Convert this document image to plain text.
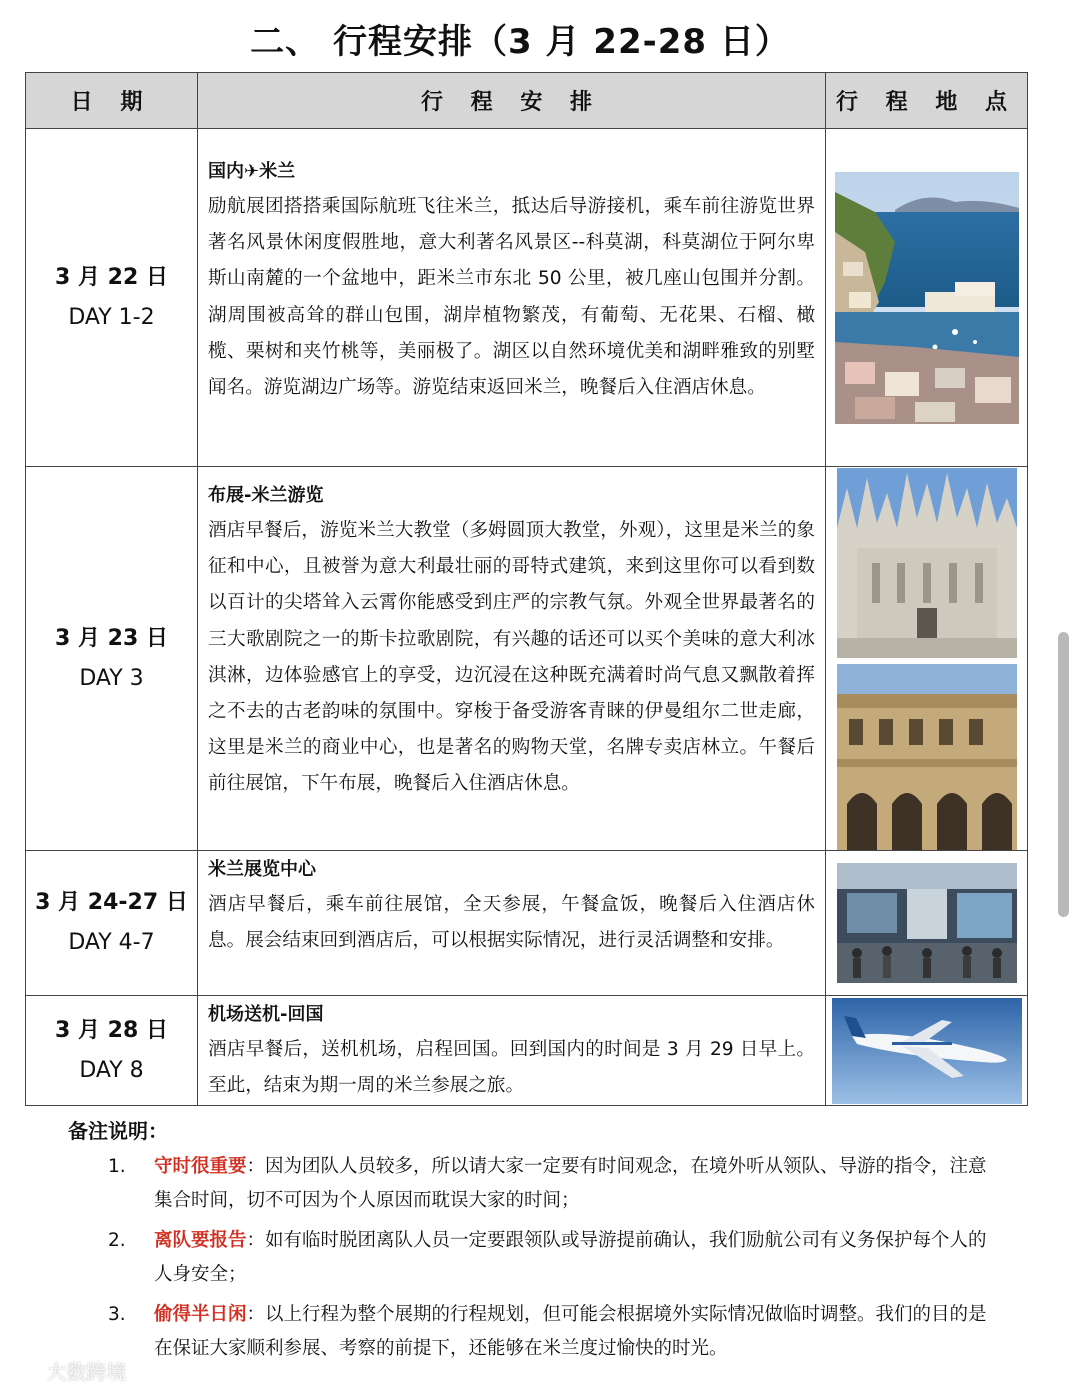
二、 行程安排（3 月 22-28 日）
日 期	行 程 安 排	行 程 地 点

3 月 22 日
DAY 1-2	国内✈米兰
励航展团搭搭乘国际航班飞往米兰，抵达后导游接机，乘车前往游览世界著名风景休闲度假胜地，意大利著名风景区--科莫湖，科莫湖位于阿尔卑斯山南麓的一个盆地中，距米兰市东北 50 公里，被几座山包围并分割。湖周围被高耸的群山包围，湖岸植物繁茂，有葡萄、无花果、石榴、橄榄、栗树和夹竹桃等，美丽极了。湖区以自然环境优美和湖畔雅致的别墅闻名。游览湖边广场等。游览结束返回米兰，晚餐后入住酒店休息。

3 月 23 日
DAY 3	布展-米兰游览
酒店早餐后，游览米兰大教堂（多姆圆顶大教堂，外观），这里是米兰的象征和中心，且被誉为意大利最壮丽的哥特式建筑，来到这里你可以看到数以百计的尖塔耸入云霄你能感受到庄严的宗教气氛。外观全世界最著名的三大歌剧院之一的斯卡拉歌剧院，有兴趣的话还可以买个美味的意大利冰淇淋，边体验感官上的享受，边沉浸在这种既充满着时尚气息又飘散着挥之不去的古老韵味的氛围中。穿梭于备受游客青睐的伊曼组尔二世走廊，这里是米兰的商业中心，也是著名的购物天堂，名牌专卖店林立。午餐后前往展馆，下午布展，晚餐后入住酒店休息。

3 月 24-27 日
DAY 4-7	米兰展览中心
酒店早餐后，乘车前往展馆，全天参展，午餐盒饭，晚餐后入住酒店休息。展会结束回到酒店后，可以根据实际情况，进行灵活调整和安排。

3 月 28 日
DAY 8	机场送机-回国
酒店早餐后，送机机场，启程回国。回到国内的时间是 3 月 29 日早上。至此，结束为期一周的米兰参展之旅。

备注说明：
1. 守时很重要：因为团队人员较多，所以请大家一定要有时间观念，在境外听从领队、导游的指令，注意集合时间，切不可因为个人原因而耽误大家的时间；
2. 离队要报告：如有临时脱团离队人员一定要跟领队或导游提前确认，我们励航公司有义务保护每个人的人身安全；
3. 偷得半日闲：以上行程为整个展期的行程规划，但可能会根据境外实际情况做临时调整。我们的目的是在保证大家顺利参展、考察的前提下，还能够在米兰度过愉快的时光。
大数跨境
